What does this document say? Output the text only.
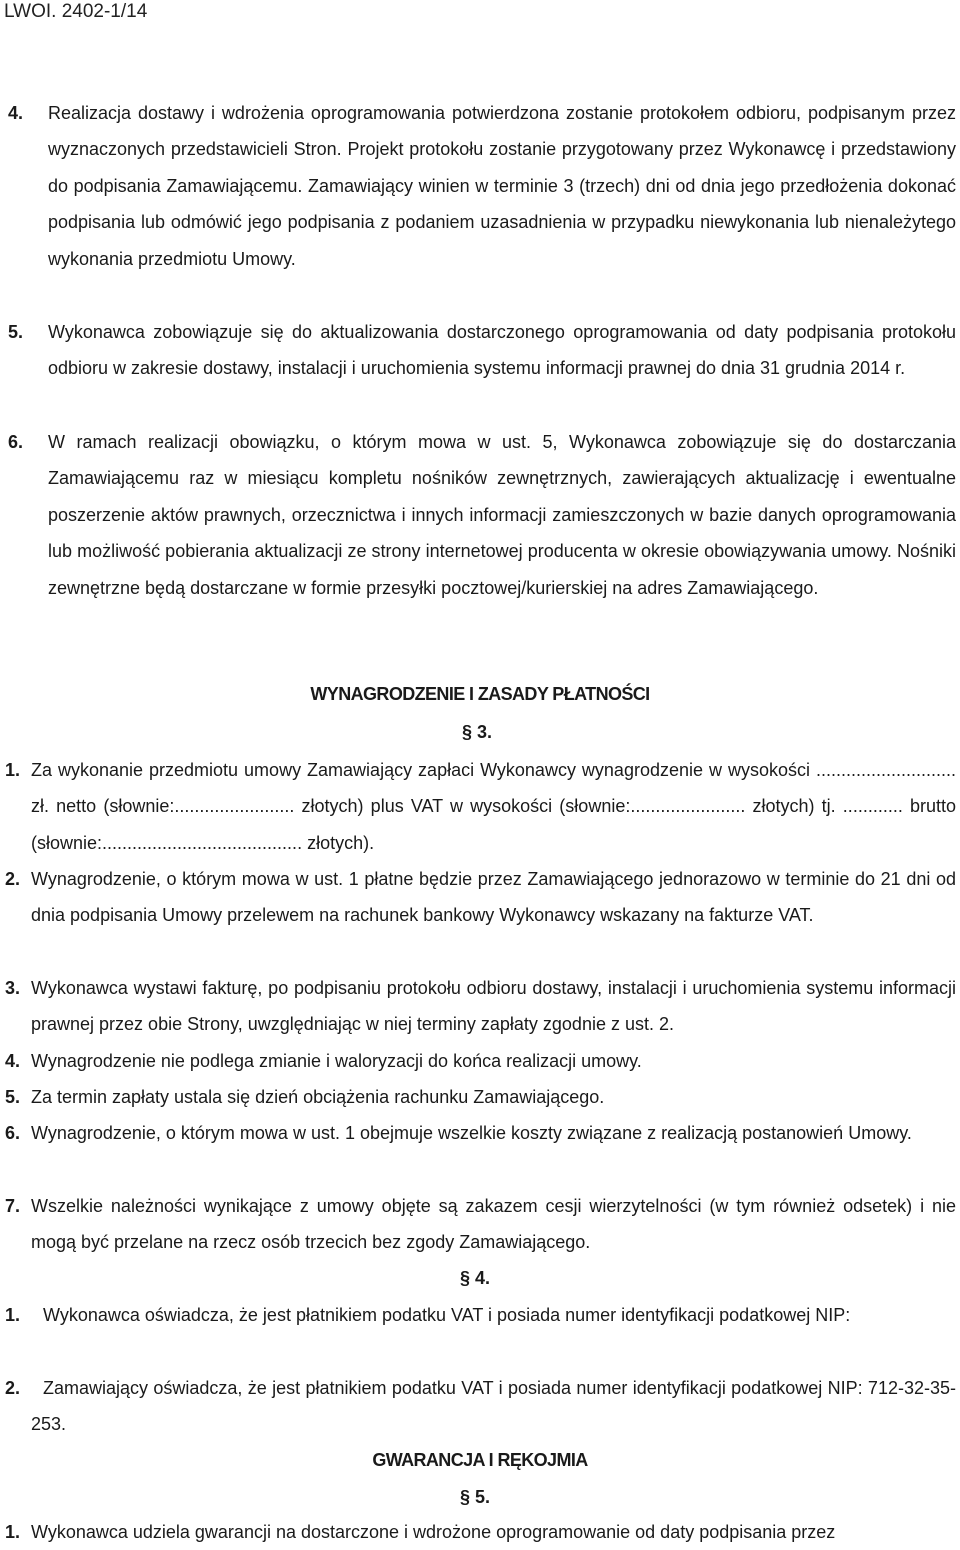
LWOI. 2402-1/14
4. Realizacja dostawy i wdrożenia oprogramowania potwierdzona zostanie protokołem odbioru, podpisanym przez wyznaczonych przedstawicieli Stron. Projekt protokołu zostanie przygotowany przez Wykonawcę i przedstawiony do podpisania Zamawiającemu. Zamawiający winien w terminie 3 (trzech) dni od dnia jego przedłożenia dokonać podpisania lub odmówić jego podpisania z podaniem uzasadnienia w przypadku niewykonania lub nienależytego wykonania przedmiotu Umowy.
5. Wykonawca zobowiązuje się do aktualizowania dostarczonego oprogramowania od daty podpisania protokołu odbioru w zakresie dostawy, instalacji i uruchomienia systemu informacji prawnej do dnia 31 grudnia 2014 r.
6. W ramach realizacji obowiązku, o którym mowa w ust. 5, Wykonawca zobowiązuje się do dostarczania Zamawiającemu raz w miesiącu kompletu nośników zewnętrznych, zawierających aktualizację i ewentualne poszerzenie aktów prawnych, orzecznictwa i innych informacji zamieszczonych w bazie danych oprogramowania lub możliwość pobierania aktualizacji ze strony internetowej producenta w okresie obowiązywania umowy. Nośniki zewnętrzne będą dostarczane w formie przesyłki pocztowej/kurierskiej na adres Zamawiającego.
WYNAGRODZENIE I ZASADY PŁATNOŚCI
§ 3.
1. Za wykonanie przedmiotu umowy Zamawiający zapłaci Wykonawcy wynagrodzenie w wysokości ............................ zł. netto (słownie:........................ złotych) plus VAT w wysokości (słownie:....................... złotych) tj. ............ brutto (słownie:........................................ złotych).
2. Wynagrodzenie, o którym mowa w ust. 1 płatne będzie przez Zamawiającego jednorazowo w terminie do 21 dni od dnia podpisania Umowy przelewem na rachunek bankowy Wykonawcy wskazany na fakturze VAT.
3. Wykonawca wystawi fakturę, po podpisaniu protokołu odbioru dostawy, instalacji i uruchomienia systemu informacji prawnej przez obie Strony, uwzględniając w niej terminy zapłaty zgodnie z ust. 2.
4. Wynagrodzenie nie podlega zmianie i waloryzacji do końca realizacji umowy.
5. Za termin zapłaty ustala się dzień obciążenia rachunku Zamawiającego.
6. Wynagrodzenie, o którym mowa w ust. 1 obejmuje wszelkie koszty związane z realizacją postanowień Umowy.
7. Wszelkie należności wynikające z umowy objęte są zakazem cesji wierzytelności (w tym również odsetek) i nie mogą być przelane na rzecz osób trzecich bez zgody Zamawiającego.
§ 4.
1. Wykonawca oświadcza, że jest płatnikiem podatku VAT i posiada numer identyfikacji podatkowej NIP:
2. Zamawiający oświadcza, że jest płatnikiem podatku VAT i posiada numer identyfikacji podatkowej NIP: 712-32-35-253.
GWARANCJA I RĘKOJMIA
§ 5.
1. Wykonawca udziela gwarancji na dostarczone i wdrożone oprogramowanie od daty podpisania przez
